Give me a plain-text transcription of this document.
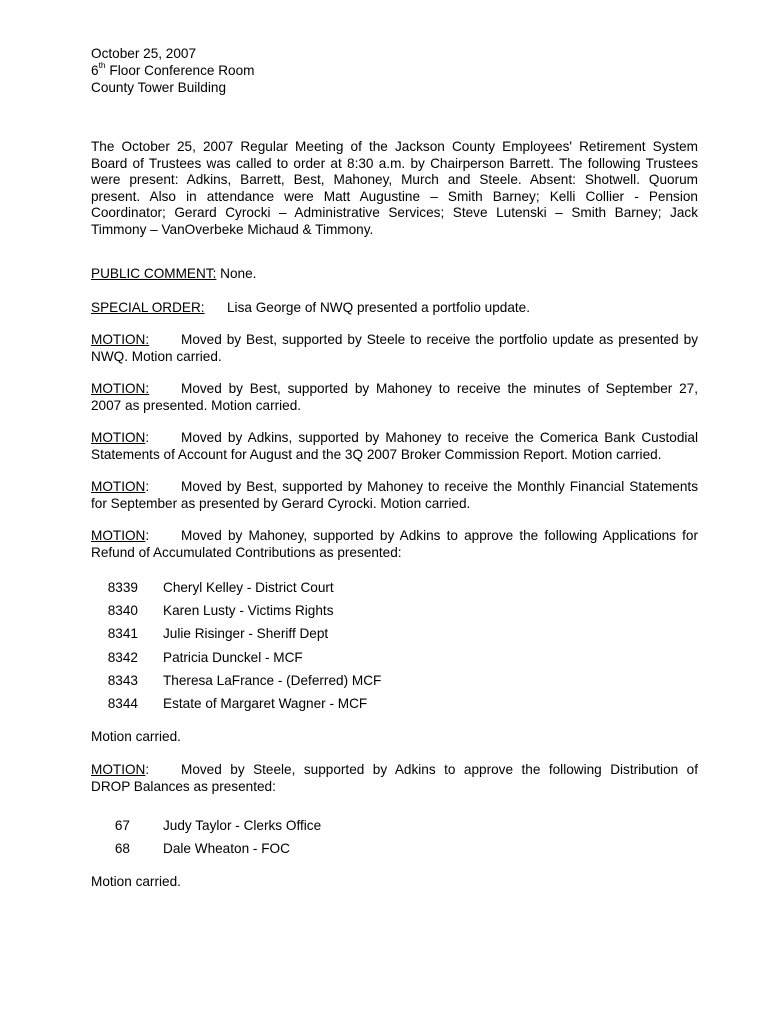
October 25, 2007
6th Floor Conference Room
County Tower Building
The October 25, 2007 Regular Meeting of the Jackson County Employees' Retirement System
Board of Trustees was called to order at 8:30 a.m. by Chairperson Barrett. The following Trustees
were present: Adkins, Barrett, Best, Mahoney, Murch and Steele. Absent: Shotwell. Quorum
present. Also in attendance were Matt Augustine – Smith Barney; Kelli Collier - Pension
Coordinator; Gerard Cyrocki – Administrative Services; Steve Lutenski – Smith Barney; Jack
Timmony – VanOverbeke Michaud & Timmony.
PUBLIC COMMENT: None.
SPECIAL ORDER: Lisa George of NWQ presented a portfolio update.
MOTION: Moved by Best, supported by Steele to receive the portfolio update as presented by
NWQ. Motion carried.
MOTION: Moved by Best, supported by Mahoney to receive the minutes of September 27,
2007 as presented. Motion carried.
MOTION: Moved by Adkins, supported by Mahoney to receive the Comerica Bank Custodial
Statements of Account for August and the 3Q 2007 Broker Commission Report. Motion carried.
MOTION: Moved by Best, supported by Mahoney to receive the Monthly Financial Statements
for September as presented by Gerard Cyrocki. Motion carried.
MOTION: Moved by Mahoney, supported by Adkins to approve the following Applications for
Refund of Accumulated Contributions as presented:
8339 Cheryl Kelley - District Court
8340 Karen Lusty - Victims Rights
8341 Julie Risinger - Sheriff Dept
8342 Patricia Dunckel - MCF
8343 Theresa LaFrance - (Deferred) MCF
8344 Estate of Margaret Wagner - MCF
Motion carried.
MOTION: Moved by Steele, supported by Adkins to approve the following Distribution of
DROP Balances as presented:
67 Judy Taylor - Clerks Office
68 Dale Wheaton - FOC
Motion carried.
